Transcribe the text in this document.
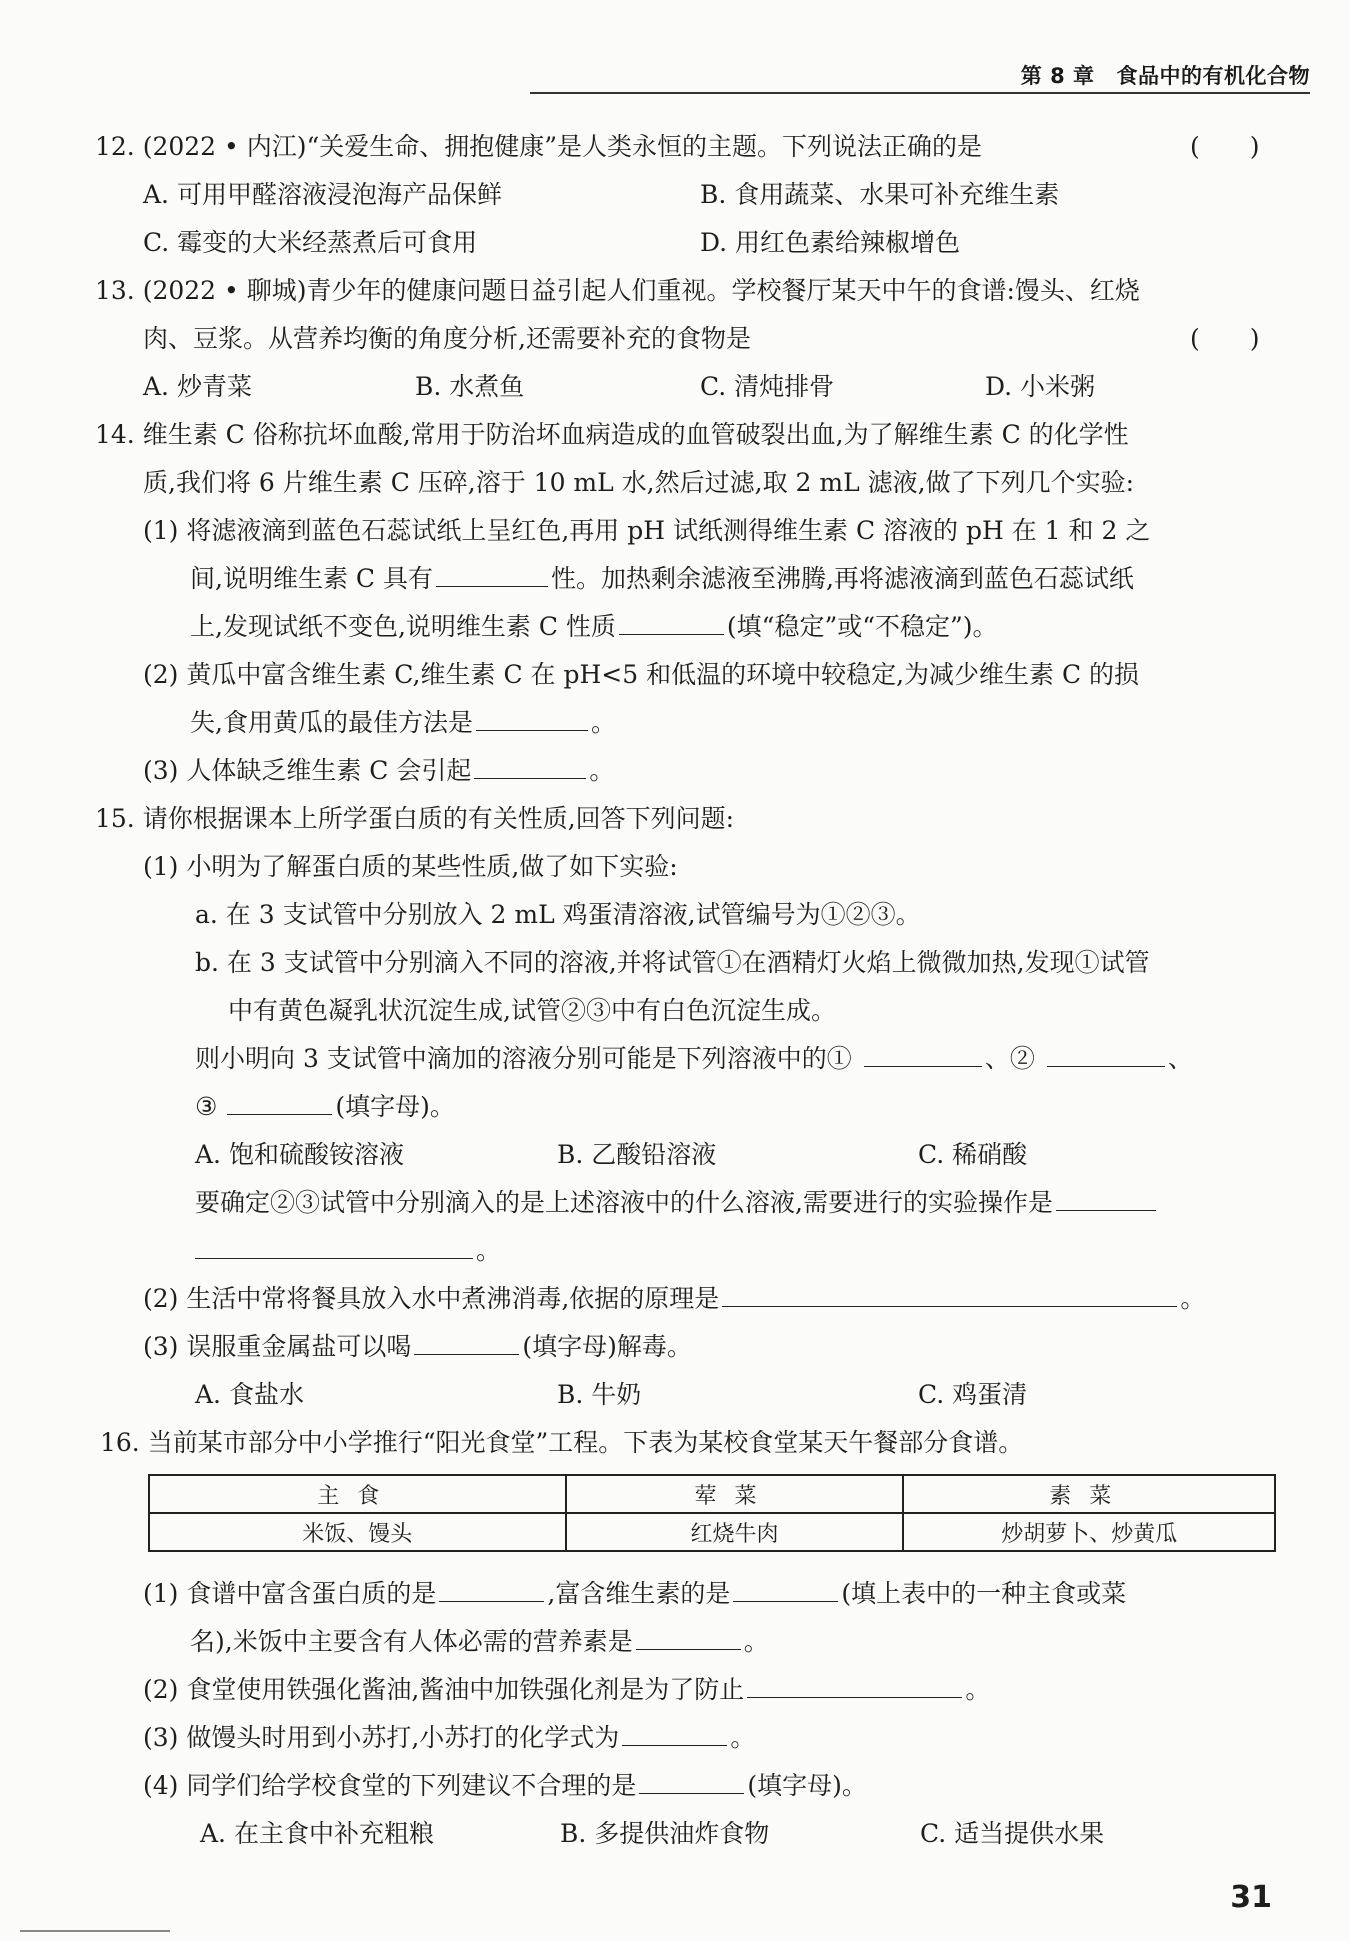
第 8 章 食品中的有机化合物
12. (2022 • 内江)“关爱生命、拥抱健康”是人类永恒的主题。下列说法正确的是	(　　)
A. 可用甲醛溶液浸泡海产品保鲜	B. 食用蔬菜、水果可补充维生素
C. 霉变的大米经蒸煮后可食用	D. 用红色素给辣椒增色
13. (2022 • 聊城)青少年的健康问题日益引起人们重视。学校餐厅某天中午的食谱:馒头、红烧
肉、豆浆。从营养均衡的角度分析,还需要补充的食物是	(　　)
A. 炒青菜	B. 水煮鱼	C. 清炖排骨	D. 小米粥
14. 维生素 C 俗称抗坏血酸,常用于防治坏血病造成的血管破裂出血,为了解维生素 C 的化学性
质,我们将 6 片维生素 C 压碎,溶于 10 mL 水,然后过滤,取 2 mL 滤液,做了下列几个实验:
(1) 将滤液滴到蓝色石蕊试纸上呈红色,再用 pH 试纸测得维生素 C 溶液的 pH 在 1 和 2 之
间,说明维生素 C 具有	性。加热剩余滤液至沸腾,再将滤液滴到蓝色石蕊试纸
上,发现试纸不变色,说明维生素 C 性质	(填“稳定”或“不稳定”)。
(2) 黄瓜中富含维生素 C,维生素 C 在 pH<5 和低温的环境中较稳定,为减少维生素 C 的损
失,食用黄瓜的最佳方法是	。
(3) 人体缺乏维生素 C 会引起	。
15. 请你根据课本上所学蛋白质的有关性质,回答下列问题:
(1) 小明为了解蛋白质的某些性质,做了如下实验:
a. 在 3 支试管中分别放入 2 mL 鸡蛋清溶液,试管编号为①②③。
b. 在 3 支试管中分别滴入不同的溶液,并将试管①在酒精灯火焰上微微加热,发现①试管
中有黄色凝乳状沉淀生成,试管②③中有白色沉淀生成。
则小明向 3 支试管中滴加的溶液分别可能是下列溶液中的①	、②	、
③	(填字母)。
A. 饱和硫酸铵溶液	B. 乙酸铅溶液	C. 稀硝酸
要确定②③试管中分别滴入的是上述溶液中的什么溶液,需要进行的实验操作是
。
(2) 生活中常将餐具放入水中煮沸消毒,依据的原理是	。
(3) 误服重金属盐可以喝	(填字母)解毒。
A. 食盐水	B. 牛奶	C. 鸡蛋清
16. 当前某市部分中小学推行“阳光食堂”工程。下表为某校食堂某天午餐部分食谱。
主食	荤菜	素菜
米饭、馒头	红烧牛肉	炒胡萝卜、炒黄瓜
(1) 食谱中富含蛋白质的是	,富含维生素的是	(填上表中的一种主食或菜
名),米饭中主要含有人体必需的营养素是	。
(2) 食堂使用铁强化酱油,酱油中加铁强化剂是为了防止	。
(3) 做馒头时用到小苏打,小苏打的化学式为	。
(4) 同学们给学校食堂的下列建议不合理的是	(填字母)。
A. 在主食中补充粗粮	B. 多提供油炸食物	C. 适当提供水果
31
